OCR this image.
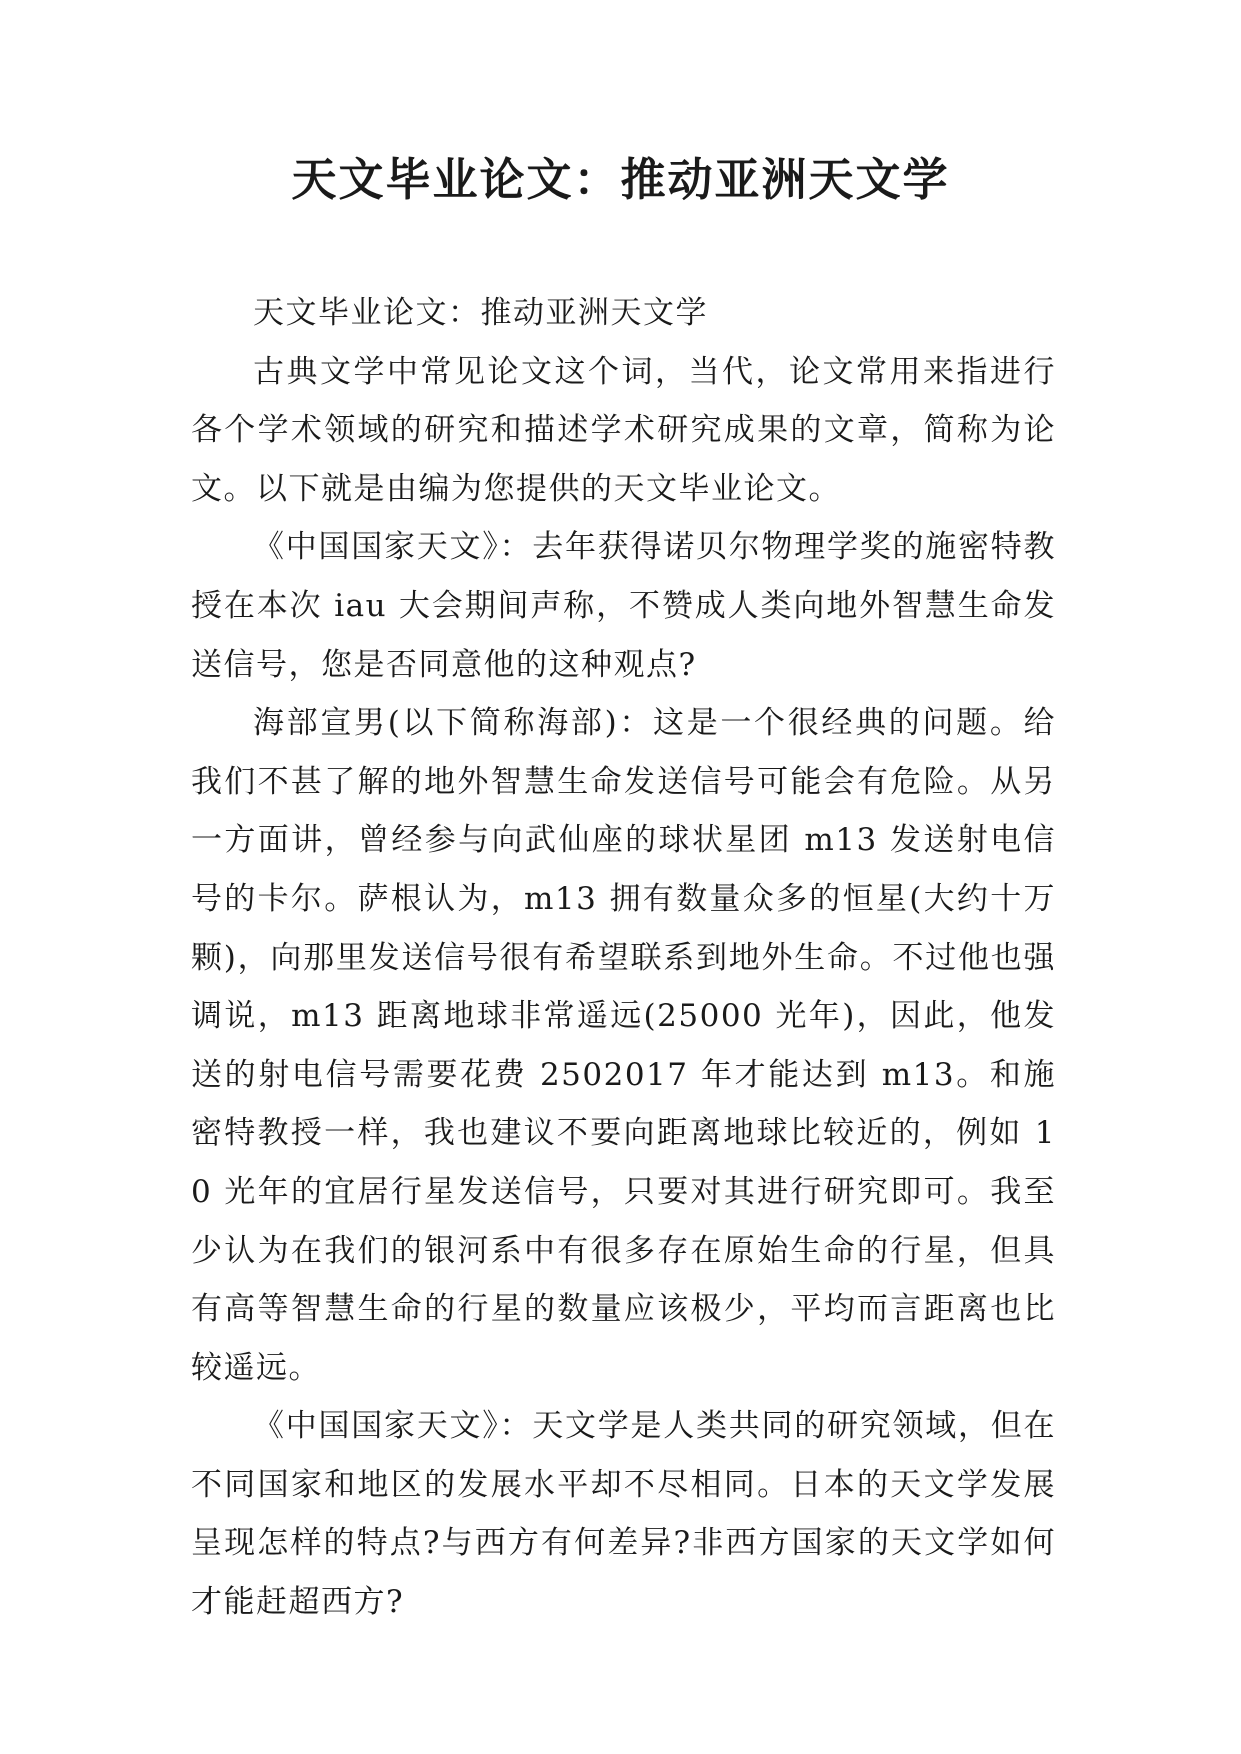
天文毕业论文：推动亚洲天文学

天文毕业论文：推动亚洲天文学

古典文学中常见论文这个词，当代，论文常用来指进行各个学术领域的研究和描述学术研究成果的文章，简称为论文。以下就是由编为您提供的天文毕业论文。

《中国国家天文》：去年获得诺贝尔物理学奖的施密特教授在本次 iau 大会期间声称，不赞成人类向地外智慧生命发送信号，您是否同意他的这种观点?

海部宣男(以下简称海部)：这是一个很经典的问题。给我们不甚了解的地外智慧生命发送信号可能会有危险。从另一方面讲，曾经参与向武仙座的球状星团 m13 发送射电信号的卡尔。萨根认为，m13 拥有数量众多的恒星(大约十万颗)，向那里发送信号很有希望联系到地外生命。不过他也强调说，m13 距离地球非常遥远(25000 光年)，因此，他发送的射电信号需要花费 2502017 年才能达到 m13。和施密特教授一样，我也建议不要向距离地球比较近的，例如 10 光年的宜居行星发送信号，只要对其进行研究即可。我至少认为在我们的银河系中有很多存在原始生命的行星，但具有高等智慧生命的行星的数量应该极少，平均而言距离也比较遥远。

《中国国家天文》：天文学是人类共同的研究领域，但在不同国家和地区的发展水平却不尽相同。日本的天文学发展呈现怎样的特点?与西方有何差异?非西方国家的天文学如何才能赶超西方?
